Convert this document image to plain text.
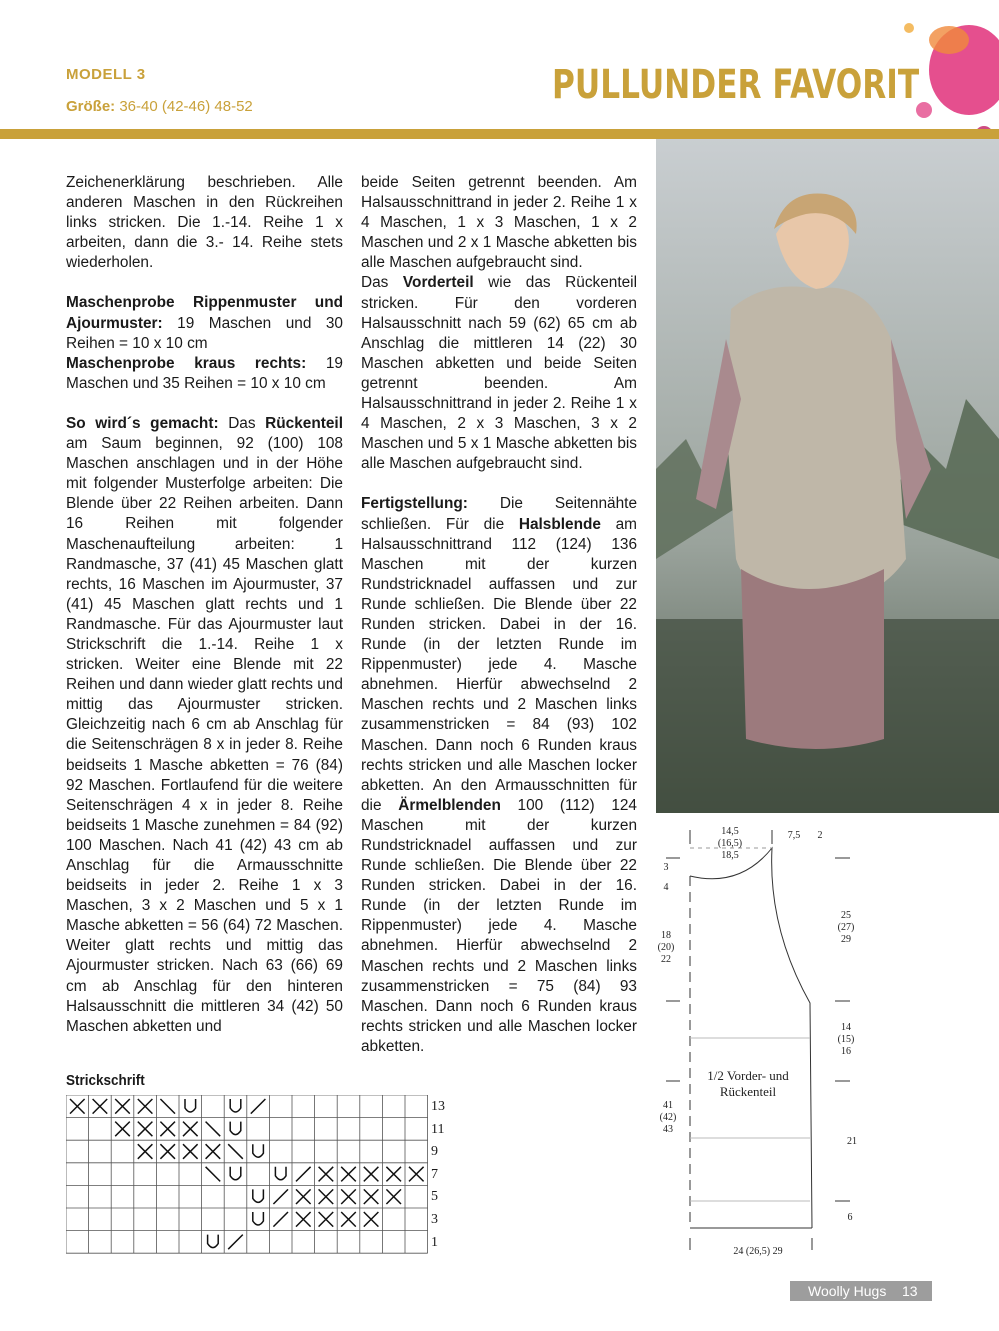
MODELL 3
Größe: 36-40 (42-46) 48-52	PULLUNDER FAVORIT

Zeichenerklärung beschrieben. Alle anderen Maschen in den Rückreihen links stricken. Die 1.-14. Reihe 1 x arbeiten, dann die 3.- 14. Reihe stets wiederholen.

Maschenprobe Rippenmuster und Ajourmuster: 19 Maschen und 30 Reihen = 10 x 10 cm

Maschenprobe kraus rechts: 19 Maschen und 35 Reihen = 10 x 10 cm

So wird´s gemacht: Das Rückenteil am Saum beginnen, 92 (100) 108 Maschen anschlagen und in der Höhe mit folgender Musterfolge arbeiten: Die Blende über 22 Reihen arbeiten. Dann 16 Reihen mit folgender Maschenaufteilung arbeiten: 1 Randmasche, 37 (41) 45 Maschen glatt rechts, 16 Maschen im Ajourmuster, 37 (41) 45 Maschen glatt rechts und 1 Randmasche. Für das Ajourmuster laut Strickschrift die 1.-14. Reihe 1 x stricken. Weiter eine Blende mit 22 Reihen und dann wieder glatt rechts und mittig das Ajourmuster stricken. Gleichzeitig nach 6 cm ab Anschlag für die Seitenschrägen 8 x in jeder 8. Reihe beidseits 1 Masche abketten = 76 (84) 92 Maschen. Fortlaufend für die weitere Seitenschrägen 4 x in jeder 8. Reihe beidseits 1 Masche zunehmen = 84 (92) 100 Maschen. Nach 41 (42) 43 cm ab Anschlag für die Armausschnitte beidseits in jeder 2. Reihe 1 x 3 Maschen, 3 x 2 Maschen und 5 x 1 Masche abketten = 56 (64) 72 Maschen. Weiter glatt rechts und mittig das Ajourmuster stricken. Nach 63 (66) 69 cm ab Anschlag für den hinteren Halsausschnitt die mittleren 34 (42) 50 Maschen abketten und

beide Seiten getrennt beenden. Am Halsausschnittrand in jeder 2. Reihe 1 x 4 Maschen, 1 x 3 Maschen, 1 x 2 Maschen und 2 x 1 Masche abketten bis alle Maschen aufgebraucht sind.

Das Vorderteil wie das Rückenteil stricken. Für den vorderen Halsausschnitt nach 59 (62) 65 cm ab Anschlag die mittleren 14 (22) 30 Maschen abketten und beide Seiten getrennt beenden. Am Halsausschnittrand in jeder 2. Reihe 1 x 4 Maschen, 2 x 3 Maschen, 3 x 2 Maschen und 5 x 1 Masche abketten bis alle Maschen aufgebraucht sind.

Fertigstellung: Die Seitennähte schließen. Für die Halsblende am Halsausschnittrand 112 (124) 136 Maschen mit der kurzen Rundstricknadel auffassen und zur Runde schließen. Die Blende über 22 Runden stricken. Dabei in der 16. Runde (in der letzten Runde im Rippenmuster) jede 4. Masche abnehmen. Hierfür abwechselnd 2 Maschen rechts und 2 Maschen links zusammenstricken = 84 (93) 102 Maschen. Dann noch 6 Runden kraus rechts stricken und alle Maschen locker abketten. An den Armausschnitten für die Ärmelblenden 100 (112) 124 Maschen mit der kurzen Rundstricknadel auffassen und zur Runde schließen. Die Blende über 22 Runden stricken. Dabei in der 16. Runde (in der letzten Runde im Rippenmuster) jede 4. Masche abnehmen. Hierfür abwechselnd 2 Maschen rechts und 2 Maschen links zusammenstricken = 75 (84) 93 Maschen. Dann noch 6 Runden kraus rechts stricken und alle Maschen locker abketten.

Strickschrift
13
11
9
7
5
3
1
14,5 (16,5) 18,5
7,5 2
3
4
18 (20) 22
25 (27) 29
14 (15) 16
41 (42) 43
21
6
24 (26,5) 29
1/2 Vorder- und Rückenteil
Woolly Hugs 13
